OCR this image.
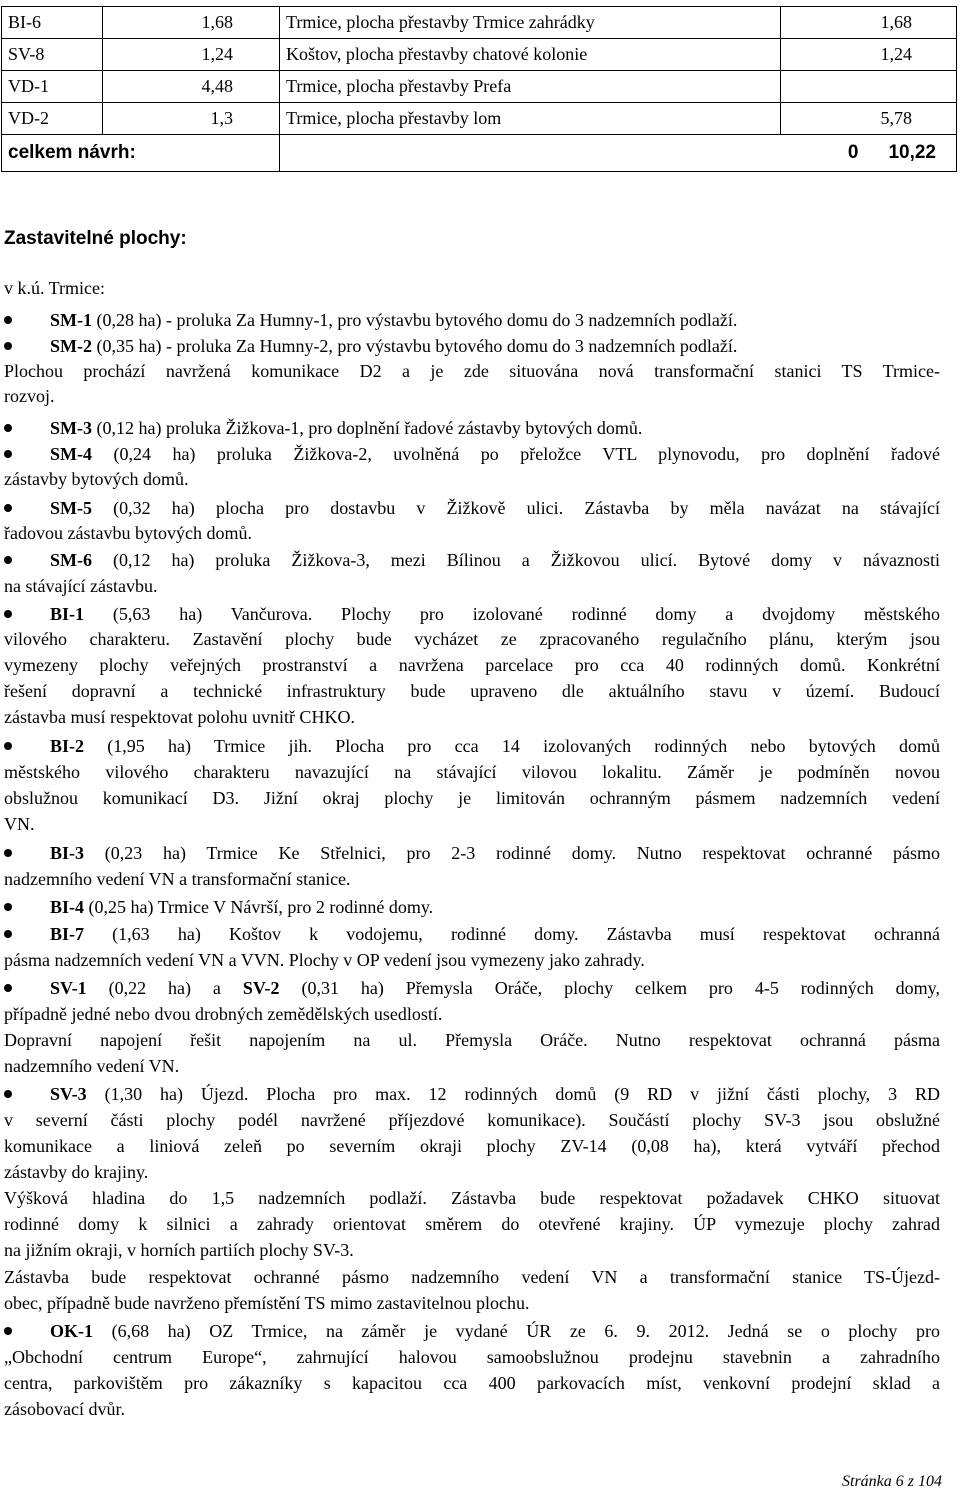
BI-6	1,68	Trmice, plocha přestavby Trmice zahrádky	1,68
SV-8	1,24	Koštov, plocha přestavby chatové kolonie	1,24
VD-1	4,48	Trmice, plocha přestavby Prefa	
VD-2	1,3	Trmice, plocha přestavby lom	5,78
celkem návrh:		0 10,22	
Zastavitelné plochy:

v k.ú. Trmice:

SM-1 (0,28 ha) - proluka Za Humny-1, pro výstavbu bytového domu do 3 nadzemních podlaží.
SM-2 (0,35 ha) - proluka Za Humny-2, pro výstavbu bytového domu do 3 nadzemních podlaží.
Plochou prochází navržená komunikace D2 a je zde situována nová transformační stanici TS Trmice-
rozvoj.
SM-3 (0,12 ha) proluka Žižkova-1, pro doplnění řadové zástavby bytových domů.
SM-4 (0,24 ha) proluka Žižkova-2, uvolněná po přeložce VTL plynovodu, pro doplnění řadové
zástavby bytových domů.
SM-5 (0,32 ha) plocha pro dostavbu v Žižkově ulici. Zástavba by měla navázat na stávající
řadovou zástavbu bytových domů.
SM-6 (0,12 ha) proluka Žižkova-3, mezi Bílinou a Žižkovou ulicí. Bytové domy v návaznosti
na stávající zástavbu.
BI-1 (5,63 ha) Vančurova. Plochy pro izolované rodinné domy a dvojdomy městského
vilového charakteru. Zastavění plochy bude vycházet ze zpracovaného regulačního plánu, kterým jsou
vymezeny plochy veřejných prostranství a navržena parcelace pro cca 40 rodinných domů. Konkrétní
řešení dopravní a technické infrastruktury bude upraveno dle aktuálního stavu v území. Budoucí
zástavba musí respektovat polohu uvnitř CHKO.
BI-2 (1,95 ha) Trmice jih. Plocha pro cca 14 izolovaných rodinných nebo bytových domů
městského vilového charakteru navazující na stávající vilovou lokalitu. Záměr je podmíněn novou
obslužnou komunikací D3. Jižní okraj plochy je limitován ochranným pásmem nadzemních vedení
VN.
BI-3 (0,23 ha) Trmice Ke Střelnici, pro 2-3 rodinné domy. Nutno respektovat ochranné pásmo
nadzemního vedení VN a transformační stanice.
BI-4 (0,25 ha) Trmice V Návrší, pro 2 rodinné domy.
BI-7 (1,63 ha) Koštov k vodojemu, rodinné domy. Zástavba musí respektovat ochranná
pásma nadzemních vedení VN a VVN. Plochy v OP vedení jsou vymezeny jako zahrady.
SV-1 (0,22 ha) a SV-2 (0,31 ha) Přemysla Oráče, plochy celkem pro 4-5 rodinných domy,
případně jedné nebo dvou drobných zemědělských usedlostí.
Dopravní napojení řešit napojením na ul. Přemysla Oráče. Nutno respektovat ochranná pásma
nadzemního vedení VN.
SV-3 (1,30 ha) Újezd. Plocha pro max. 12 rodinných domů (9 RD v jižní části plochy, 3 RD
v severní části plochy podél navržené příjezdové komunikace). Součástí plochy SV-3 jsou obslužné
komunikace a liniová zeleň po severním okraji plochy ZV-14 (0,08 ha), která vytváří přechod
zástavby do krajiny.
Výšková hladina do 1,5 nadzemních podlaží. Zástavba bude respektovat požadavek CHKO situovat
rodinné domy k silnici a zahrady orientovat směrem do otevřené krajiny. ÚP vymezuje plochy zahrad
na jižním okraji, v horních partiích plochy SV-3.
Zástavba bude respektovat ochranné pásmo nadzemního vedení VN a transformační stanice TS-Újezd-
obec, případně bude navrženo přemístění TS mimo zastavitelnou plochu.
OK-1 (6,68 ha) OZ Trmice, na záměr je vydané ÚR ze 6. 9. 2012. Jedná se o plochy pro
„Obchodní centrum Europe“, zahrnující halovou samoobslužnou prodejnu stavebnin a zahradního
centra, parkovištěm pro zákazníky s kapacitou cca 400 parkovacích míst, venkovní prodejní sklad a
zásobovací dvůr.
Stránka 6 z 104
